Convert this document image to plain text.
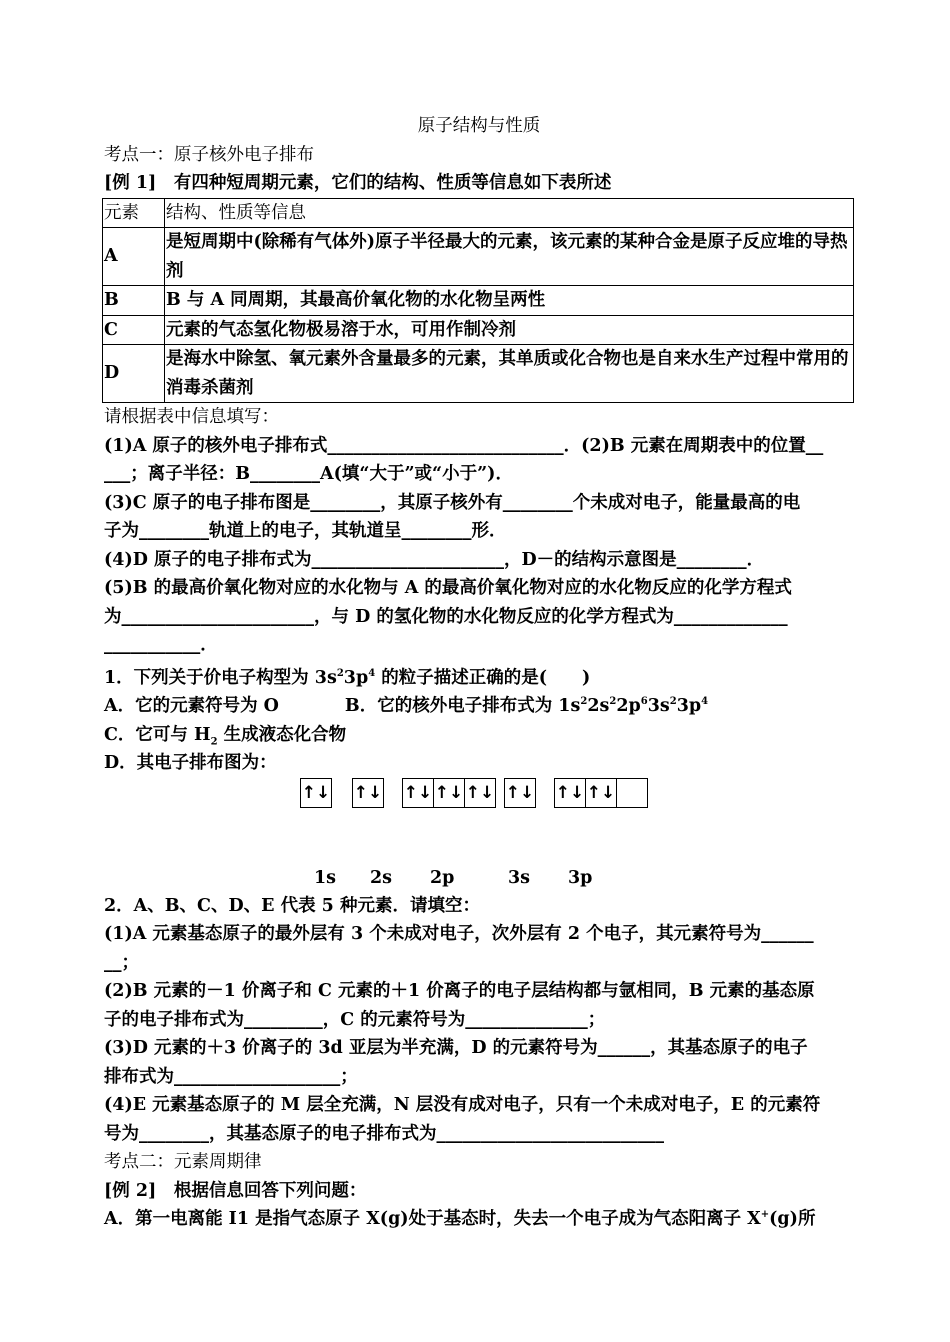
原子结构与性质
考点一：原子核外电子排布
[例 1]　有四种短周期元素，它们的结构、性质等信息如下表所述
元素	结构、性质等信息
A	是短周期中(除稀有气体外)原子半径最大的元素，该元素的某种合金是原子反应堆的导热剂
B	B 与 A 同周期，其最高价氧化物的水化物呈两性
C	元素的气态氢化物极易溶于水，可用作制冷剂
D	是海水中除氢、氧元素外含量最多的元素，其单质或化合物也是自来水生产过程中常用的消毒杀菌剂
请根据表中信息填写：
(1)A 原子的核外电子排布式___________________________．(2)B 元素在周期表中的位置__
___；离子半径：B________A(填“大于”或“小于”)．
(3)C 原子的电子排布图是________，其原子核外有________个未成对电子，能量最高的电
子为________轨道上的电子，其轨道呈________形．
(4)D 原子的电子排布式为______________________，D－的结构示意图是________．
(5)B 的最高价氧化物对应的水化物与 A 的最高价氧化物对应的水化物反应的化学方程式
为______________________，与 D 的氢化物的水化物反应的化学方程式为_____________
___________．
1．下列关于价电子构型为 $3s^23p^4$ 的粒子描述正确的是(　　)
A．它的元素符号为 O	B．它的核外电子排布式为 $1s^22s^22p^63s^23p^4$
C．它可与 $H_2$ 生成液态化合物
D．其电子排布图为：
↑↓ ↑↓ ↑↓ ↑↓ ↑↓ ↑↓ ↑↓ ↑↓
1s 2s 2p	3s 3p
2．A、B、C、D、E 代表 5 种元素．请填空：
(1)A 元素基态原子的最外层有 3 个未成对电子，次外层有 2 个电子，其元素符号为______
__；
(2)B 元素的－1 价离子和 C 元素的＋1 价离子的电子层结构都与氩相同，B 元素的基态原
子的电子排布式为_________，C 的元素符号为______________；
(3)D 元素的＋3 价离子的 3d 亚层为半充满，D 的元素符号为______，其基态原子的电子
排布式为___________________；
(4)E 元素基态原子的 M 层全充满，N 层没有成对电子，只有一个未成对电子，E 的元素符
号为________，其基态原子的电子排布式为__________________________
考点二：元素周期律
[例 2]　根据信息回答下列问题：
A．第一电离能 I1 是指气态原子 X(g)处于基态时，失去一个电子成为气态阳离子 X+(g)所
